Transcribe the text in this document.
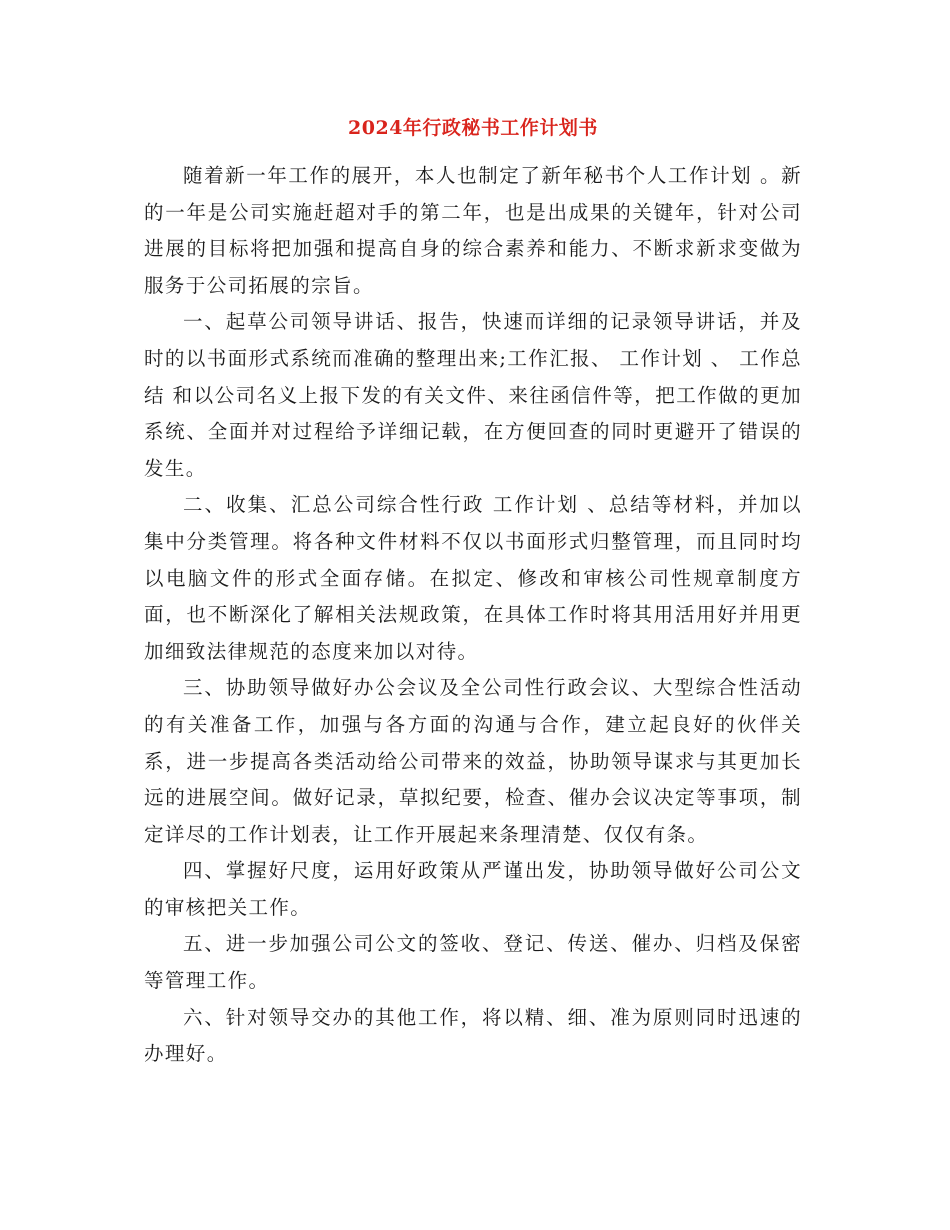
2024年行政秘书工作计划书

随着新一年工作的展开，本人也制定了新年秘书个人工作计划 。新的一年是公司实施赶超对手的第二年，也是出成果的关键年，针对公司进展的目标将把加强和提高自身的综合素养和能力、不断求新求变做为服务于公司拓展的宗旨。

一、起草公司领导讲话、报告，快速而详细的记录领导讲话，并及时的以书面形式系统而准确的整理出来;工作汇报、 工作计划 、 工作总结 和以公司名义上报下发的有关文件、来往函信件等，把工作做的更加系统、全面并对过程给予详细记载，在方便回查的同时更避开了错误的发生。

二、收集、汇总公司综合性行政 工作计划 、总结等材料，并加以集中分类管理。将各种文件材料不仅以书面形式归整管理，而且同时均以电脑文件的形式全面存储。在拟定、修改和审核公司性规章制度方面，也不断深化了解相关法规政策，在具体工作时将其用活用好并用更加细致法律规范的态度来加以对待。

三、协助领导做好办公会议及全公司性行政会议、大型综合性活动的有关准备工作，加强与各方面的沟通与合作，建立起良好的伙伴关系，进一步提高各类活动给公司带来的效益，协助领导谋求与其更加长远的进展空间。做好记录，草拟纪要，检查、催办会议决定等事项，制定详尽的工作计划表，让工作开展起来条理清楚、仅仅有条。

四、掌握好尺度，运用好政策从严谨出发，协助领导做好公司公文的审核把关工作。

五、进一步加强公司公文的签收、登记、传送、催办、归档及保密等管理工作。

六、针对领导交办的其他工作，将以精、细、准为原则同时迅速的办理好。
